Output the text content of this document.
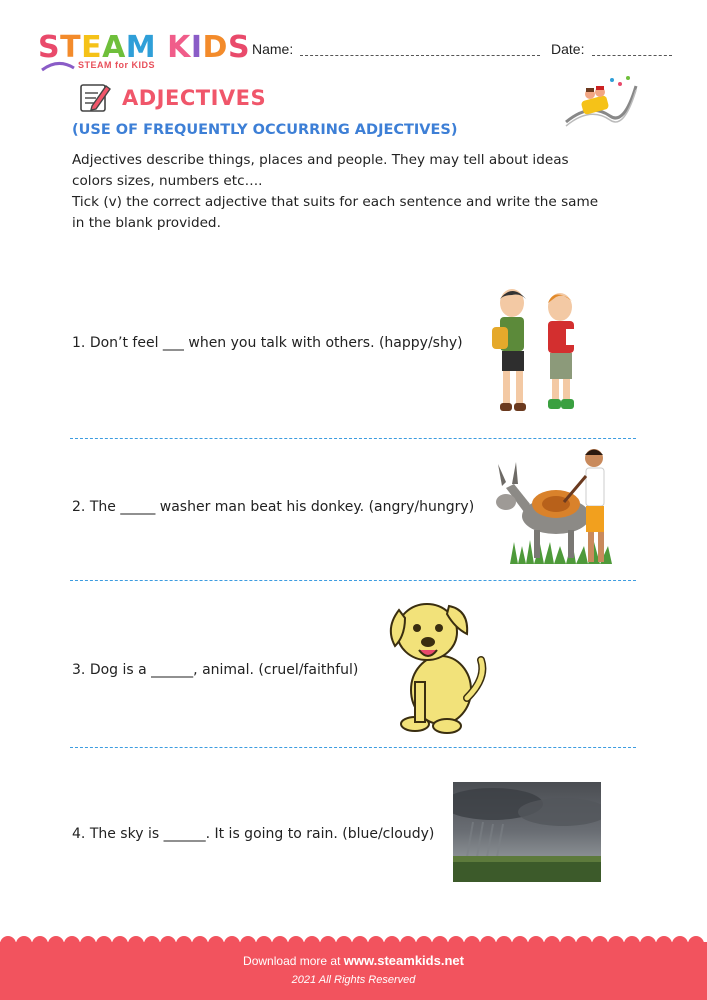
STEAM KIDS
STEAM for KIDS
Name:	Date:
ADJECTIVES
(USE OF FREQUENTLY OCCURRING ADJECTIVES)

Adjectives describe things, places and people. They may tell about ideas

colors sizes, numbers etc….

Tick (v) the correct adjective that suits for each sentence and write the same

in the blank provided.

1. Don’t feel ___ when you talk with others. (happy/shy)
2. The _____ washer man beat his donkey. (angry/hungry)
3. Dog is a ______, animal. (cruel/faithful)
4. The sky is ______. It is going to rain. (blue/cloudy)
Download more at www.steamkids.net
2021 All Rights Reserved
